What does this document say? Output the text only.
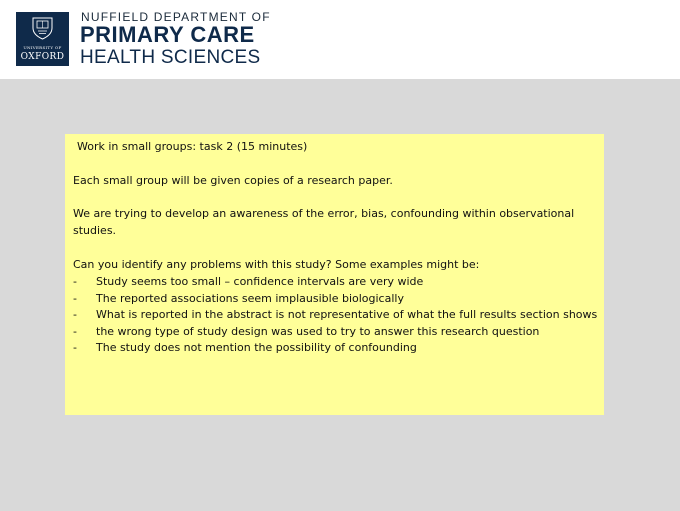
UNIVERSITY OF
OXFORD
NUFFIELD DEPARTMENT OF
PRIMARY CARE
HEALTH SCIENCES
Work in small groups: task 2 (15 minutes)
Each small group will be given copies of a research paper.
We are trying to develop an awareness of the error, bias, confounding within observational studies.
Can you identify any problems with this study? Some examples might be:
- Study seems too small – confidence intervals are very wide
- The reported associations seem implausible biologically
- What is reported in the abstract is not representative of what the full results section shows
- the wrong type of study design was used to try to answer this research question
- The study does not mention the possibility of confounding
